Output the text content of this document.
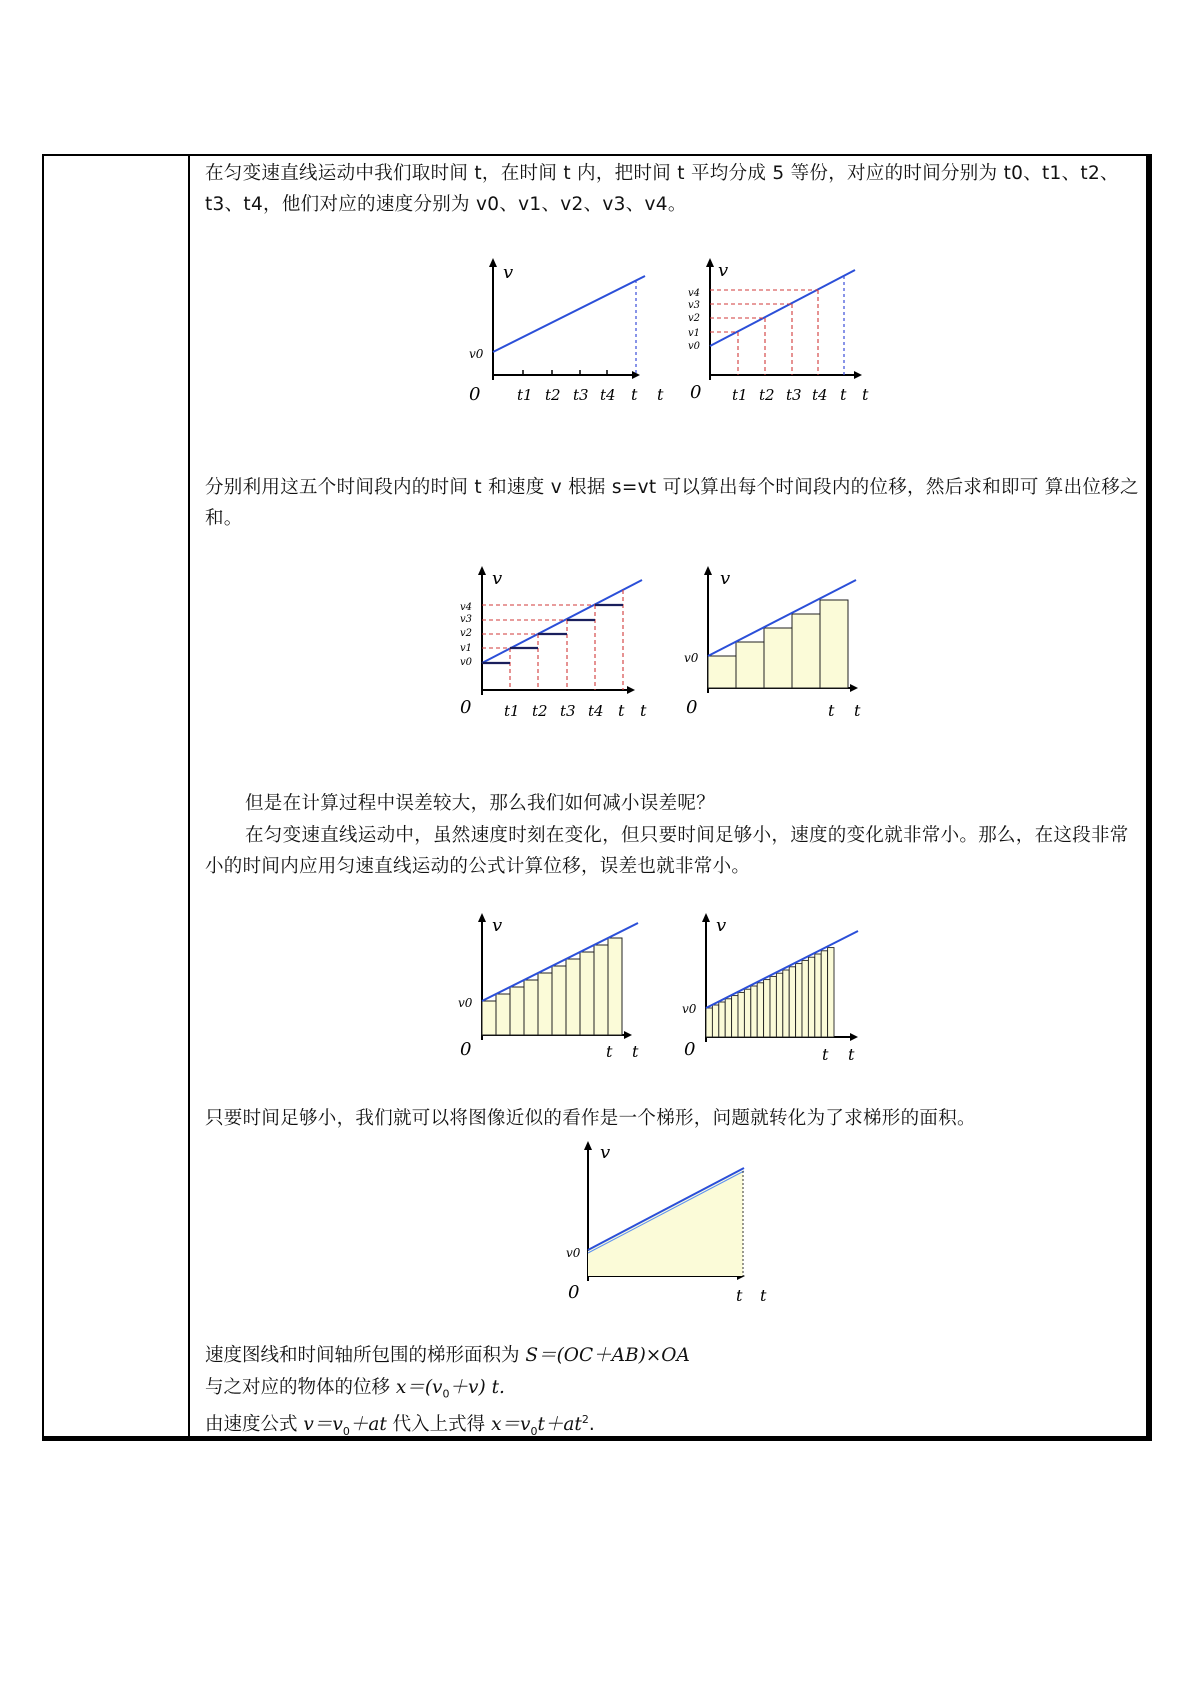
在匀变速直线运动中我们取时间 t，在时间 t 内，把时间 t 平均分成 5 等份，对应的时间分别为 t0、t1、t2、t3、t4，他们对应的速度分别为 v0、v1、v2、v3、v4。
v
v0
0 t1 t2 t3 t4 t t
v
v4
v3
v2
v1
v0
0 t1 t2 t3 t4 t t
分别利用这五个时间段内的时间 t 和速度 v 根据 s=vt 可以算出每个时间段内的位移，然后求和即可 算出位移之和。
v
v4
v3
v2
v1
v0
0 t1 t2 t3 t4 t t
v
v0
0	t t
但是在计算过程中误差较大，那么我们如何减小误差呢？
在匀变速直线运动中，虽然速度时刻在变化，但只要时间足够小，速度的变化就非常小。那么，在这段非常小的时间内应用匀速直线运动的公式计算位移，误差也就非常小。
v
v0
0	t t
v
v0
0	t t
只要时间足够小，我们就可以将图像近似的看作是一个梯形，问题就转化为了求梯形的面积。
v
v0
0	t t
速度图线和时间轴所包围的梯形面积为 S＝(OC＋AB)×OA
与之对应的物体的位移 $x=(v_0+v)$ t.
由速度公式 $v=v_0+at$ 代入上式得 $x=v_0t+at^2$.
